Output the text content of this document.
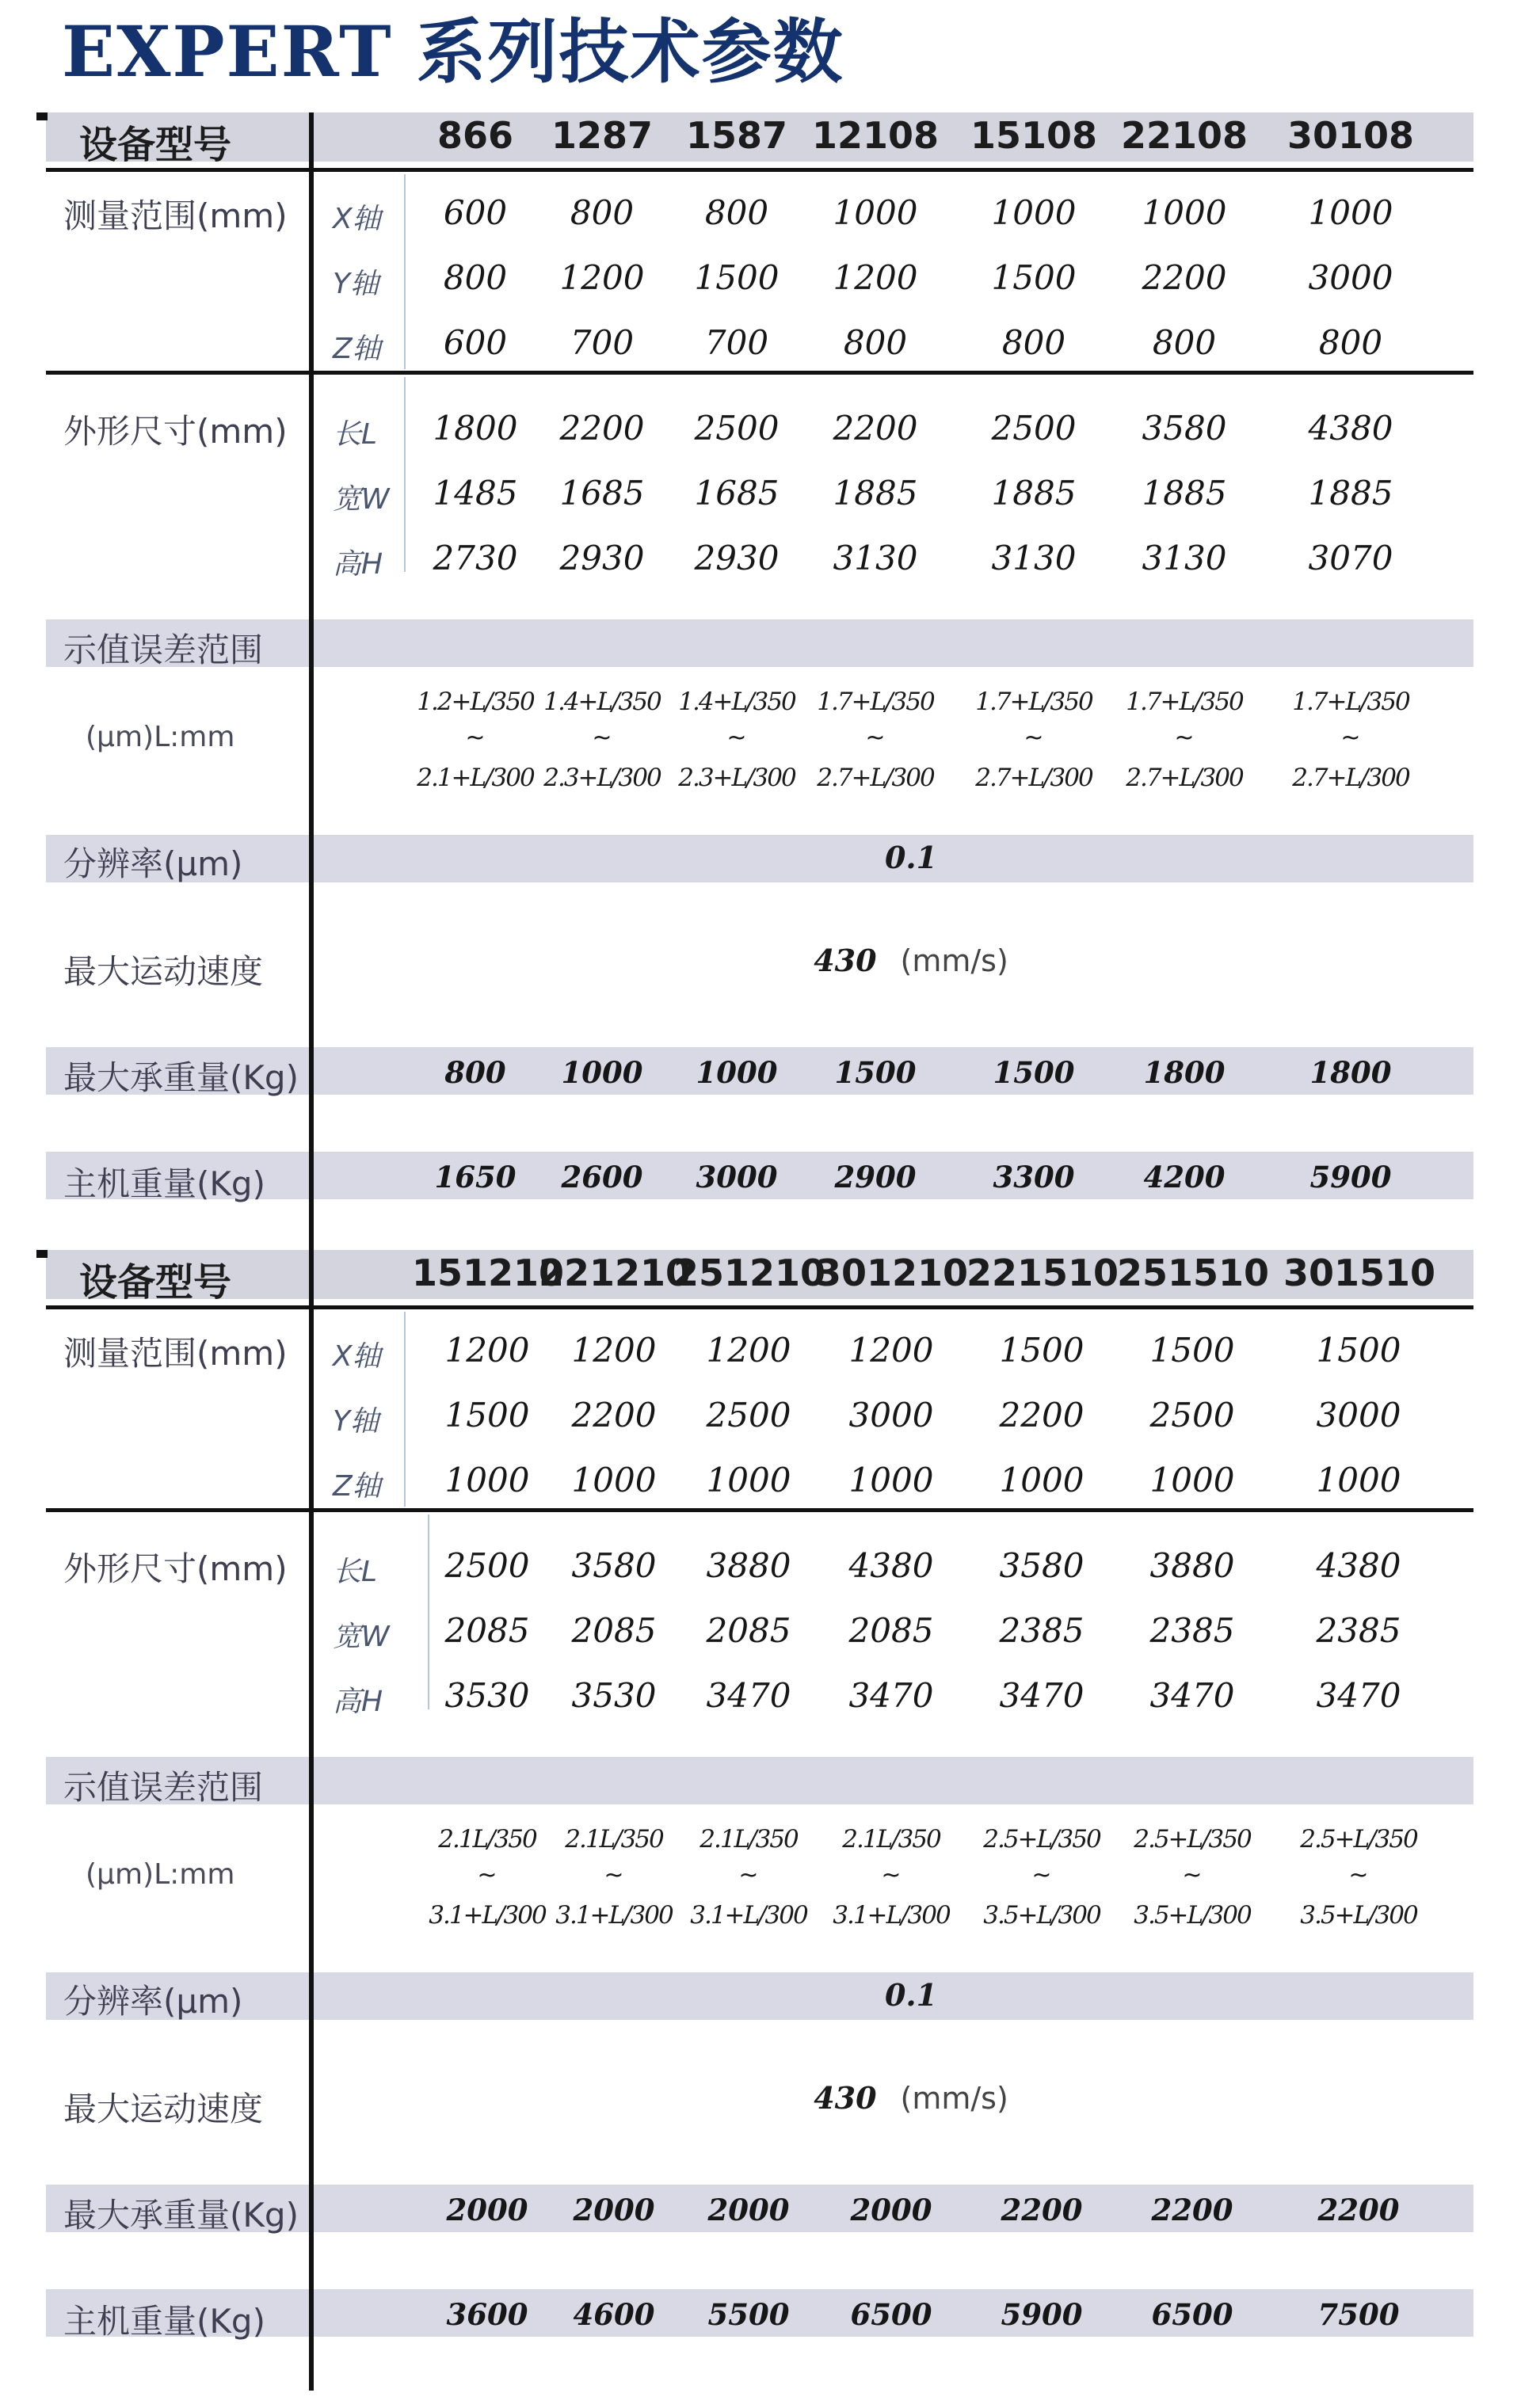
EXPERT 系列技术参数
设备型号
测量范围(mm)
外形尺寸(mm)
示值误差范围
(μm)L:mm
分辨率(μm)
最大运动速度
最大承重量(Kg)
主机重量(Kg)
X轴
Y轴
Z轴
长L
宽W
高H
866
600
800
600
1800
1485
2730
1.2+L/350
~
2.1+L/300
800
1650
1287
800
1200
700
2200
1685
2930
1.4+L/350
~
2.3+L/300
1000
2600
1587
800
1500
700
2500
1685
2930
1.4+L/350
~
2.3+L/300
1000
3000
12108
1000
1200
800
2200
1885
3130
1.7+L/350
~
2.7+L/300
1500
2900
15108
1000
1500
800
2500
1885
3130
1.7+L/350
~
2.7+L/300
1500
3300
22108
1000
2200
800
3580
1885
3130
1.7+L/350
~
2.7+L/300
1800
4200
30108
1000
3000
800
4380
1885
3070
1.7+L/350
~
2.7+L/300
1800
5900
0.1
430 (mm/s)
设备型号
测量范围(mm)
外形尺寸(mm)
示值误差范围
(μm)L:mm
分辨率(μm)
最大运动速度
最大承重量(Kg)
主机重量(Kg)
X轴
Y轴
Z轴
长L
宽W
高H
151210
1200
1500
1000
2500
2085
3530
2.1L/350
~
3.1+L/300
2000
3600
221210
1200
2200
1000
3580
2085
3530
2.1L/350
~
3.1+L/300
2000
4600
251210
1200
2500
1000
3880
2085
3470
2.1L/350
~
3.1+L/300
2000
5500
301210
1200
3000
1000
4380
2085
3470
2.1L/350
~
3.1+L/300
2000
6500
221510
1500
2200
1000
3580
2385
3470
2.5+L/350
~
3.5+L/300
2200
5900
251510
1500
2500
1000
3880
2385
3470
2.5+L/350
~
3.5+L/300
2200
6500
301510
1500
3000
1000
4380
2385
3470
2.5+L/350
~
3.5+L/300
2200
7500
0.1
430 (mm/s)
